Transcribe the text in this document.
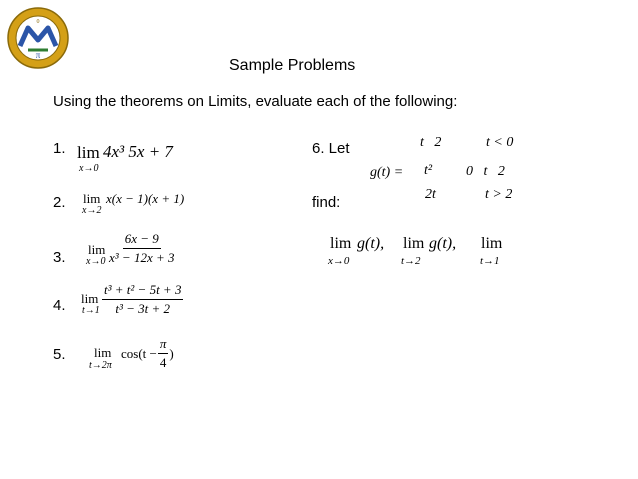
π
0
Sample Problems
Using the theorems on Limits, evaluate each of the following:
1. lim
x→0
4x³ 5x + 7
2. lim
x→2
x(x − 1)(x + 1)
3. lim
$x\to 0 \frac{6x - 9}{\text{x³ − 12x + 3}}$
4. lim
$t\to 1 \frac{\text{t³ + t² − 5t + 3}}{\text{t³ − 3t + 2}}$
5. lim
t→2π
$\cos(t - \frac{\pi}{4}$ )
6. Let
g(t) =
t   2	t < 0
t² 0   t   2
2t	t > 2
find:
lim
x→0
g(t), lim
t→2
g(t), lim
t→1
